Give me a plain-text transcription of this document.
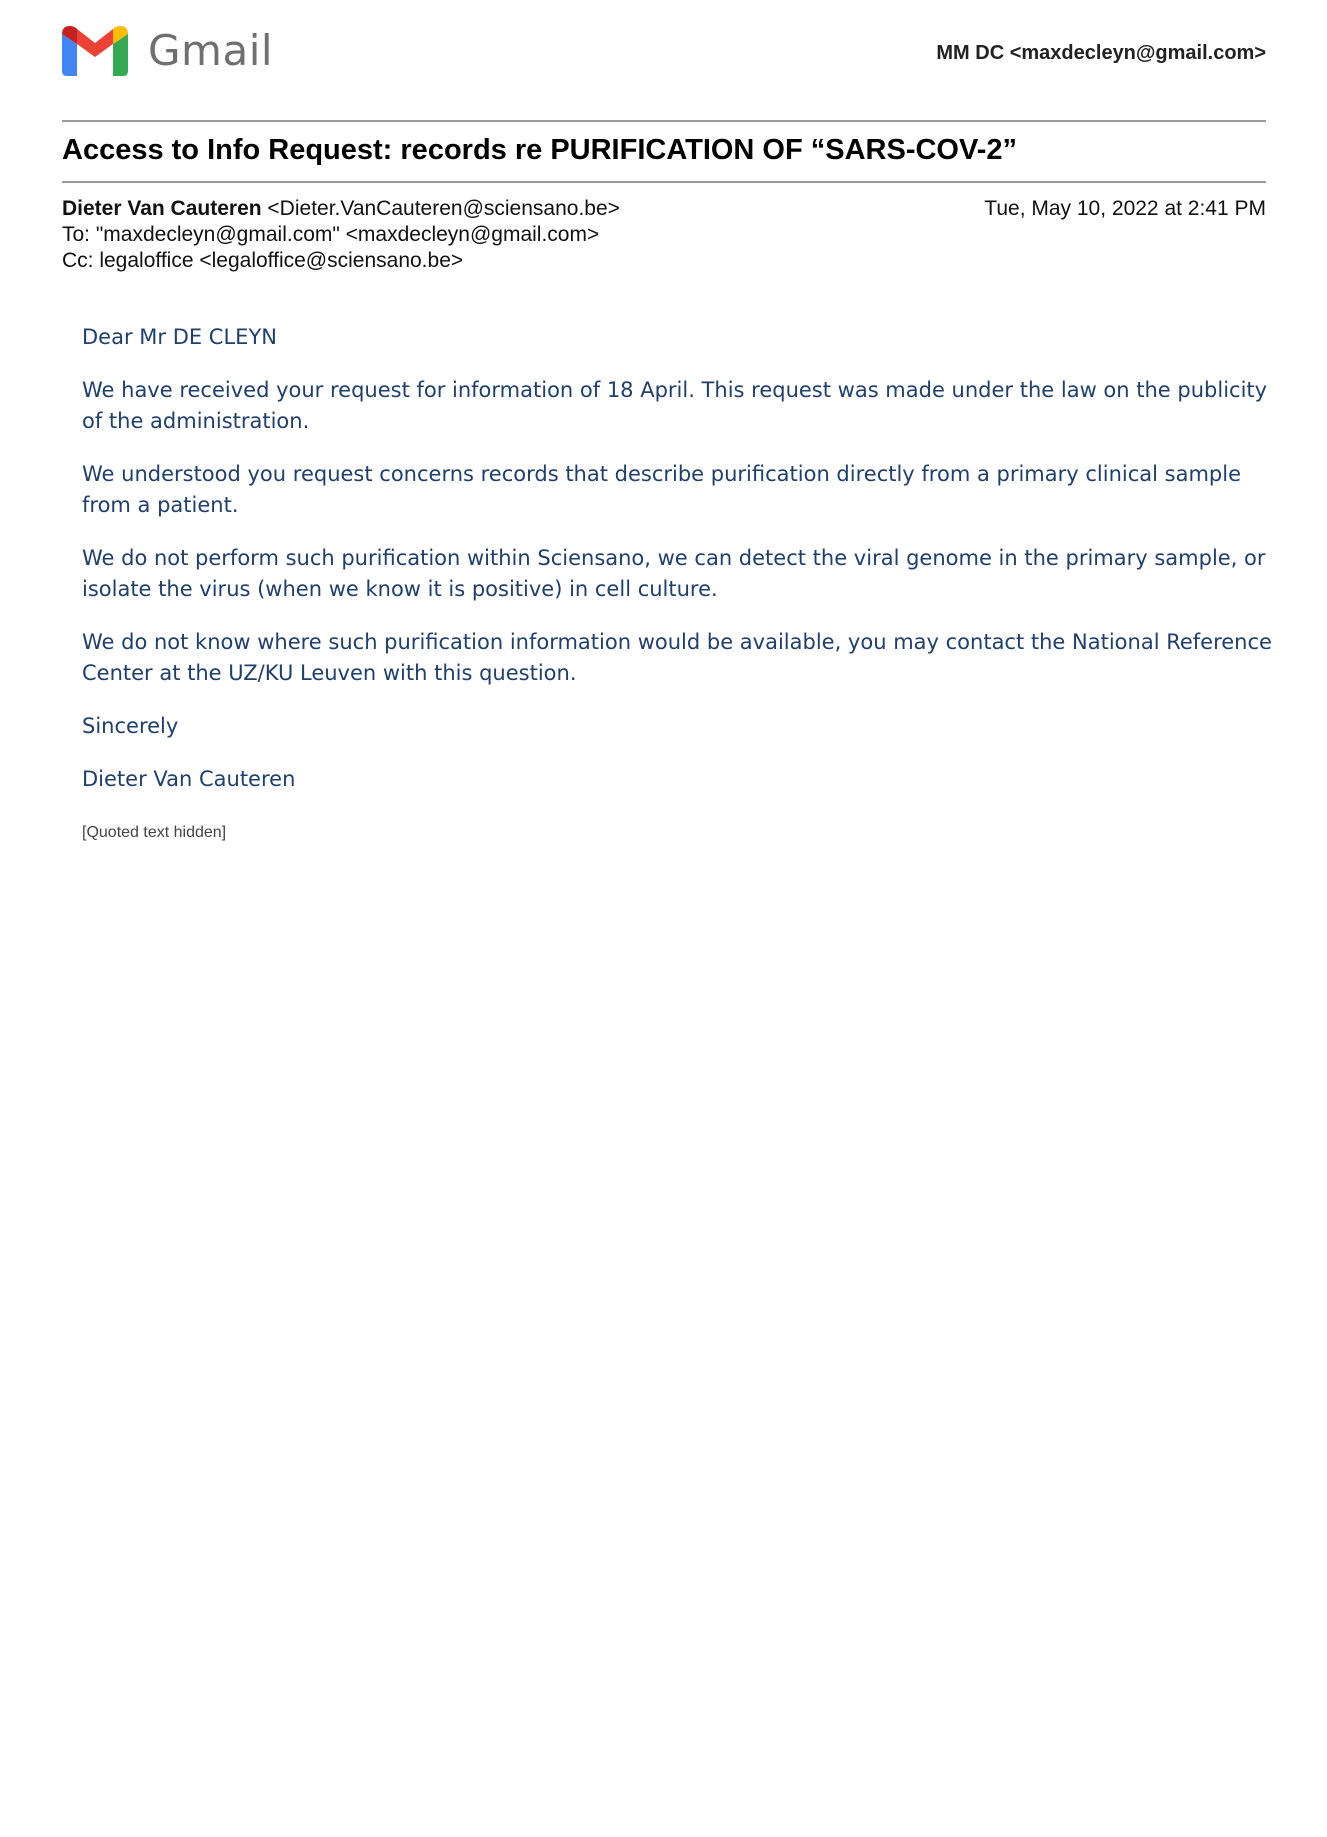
Gmail	MM DC <maxdecleyn@gmail.com>
Access to Info Request: records re PURIFICATION OF “SARS-COV-2”
Dieter Van Cauteren <Dieter.VanCauteren@sciensano.be>
To: "maxdecleyn@gmail.com" <maxdecleyn@gmail.com>
Cc: legaloffice <legaloffice@sciensano.be>
Tue, May 10, 2022 at 2:41 PM

Dear Mr DE CLEYN

We have received your request for information of 18 April. This request was made under the law on the publicity of the administration.

We understood you request concerns records that describe purification directly from a primary clinical sample from a patient.

We do not perform such purification within Sciensano, we can detect the viral genome in the primary sample, or isolate the virus (when we know it is positive) in cell culture.

We do not know where such purification information would be available, you may contact the National Reference Center at the UZ/KU Leuven with this question.

Sincerely

Dieter Van Cauteren

[Quoted text hidden]
